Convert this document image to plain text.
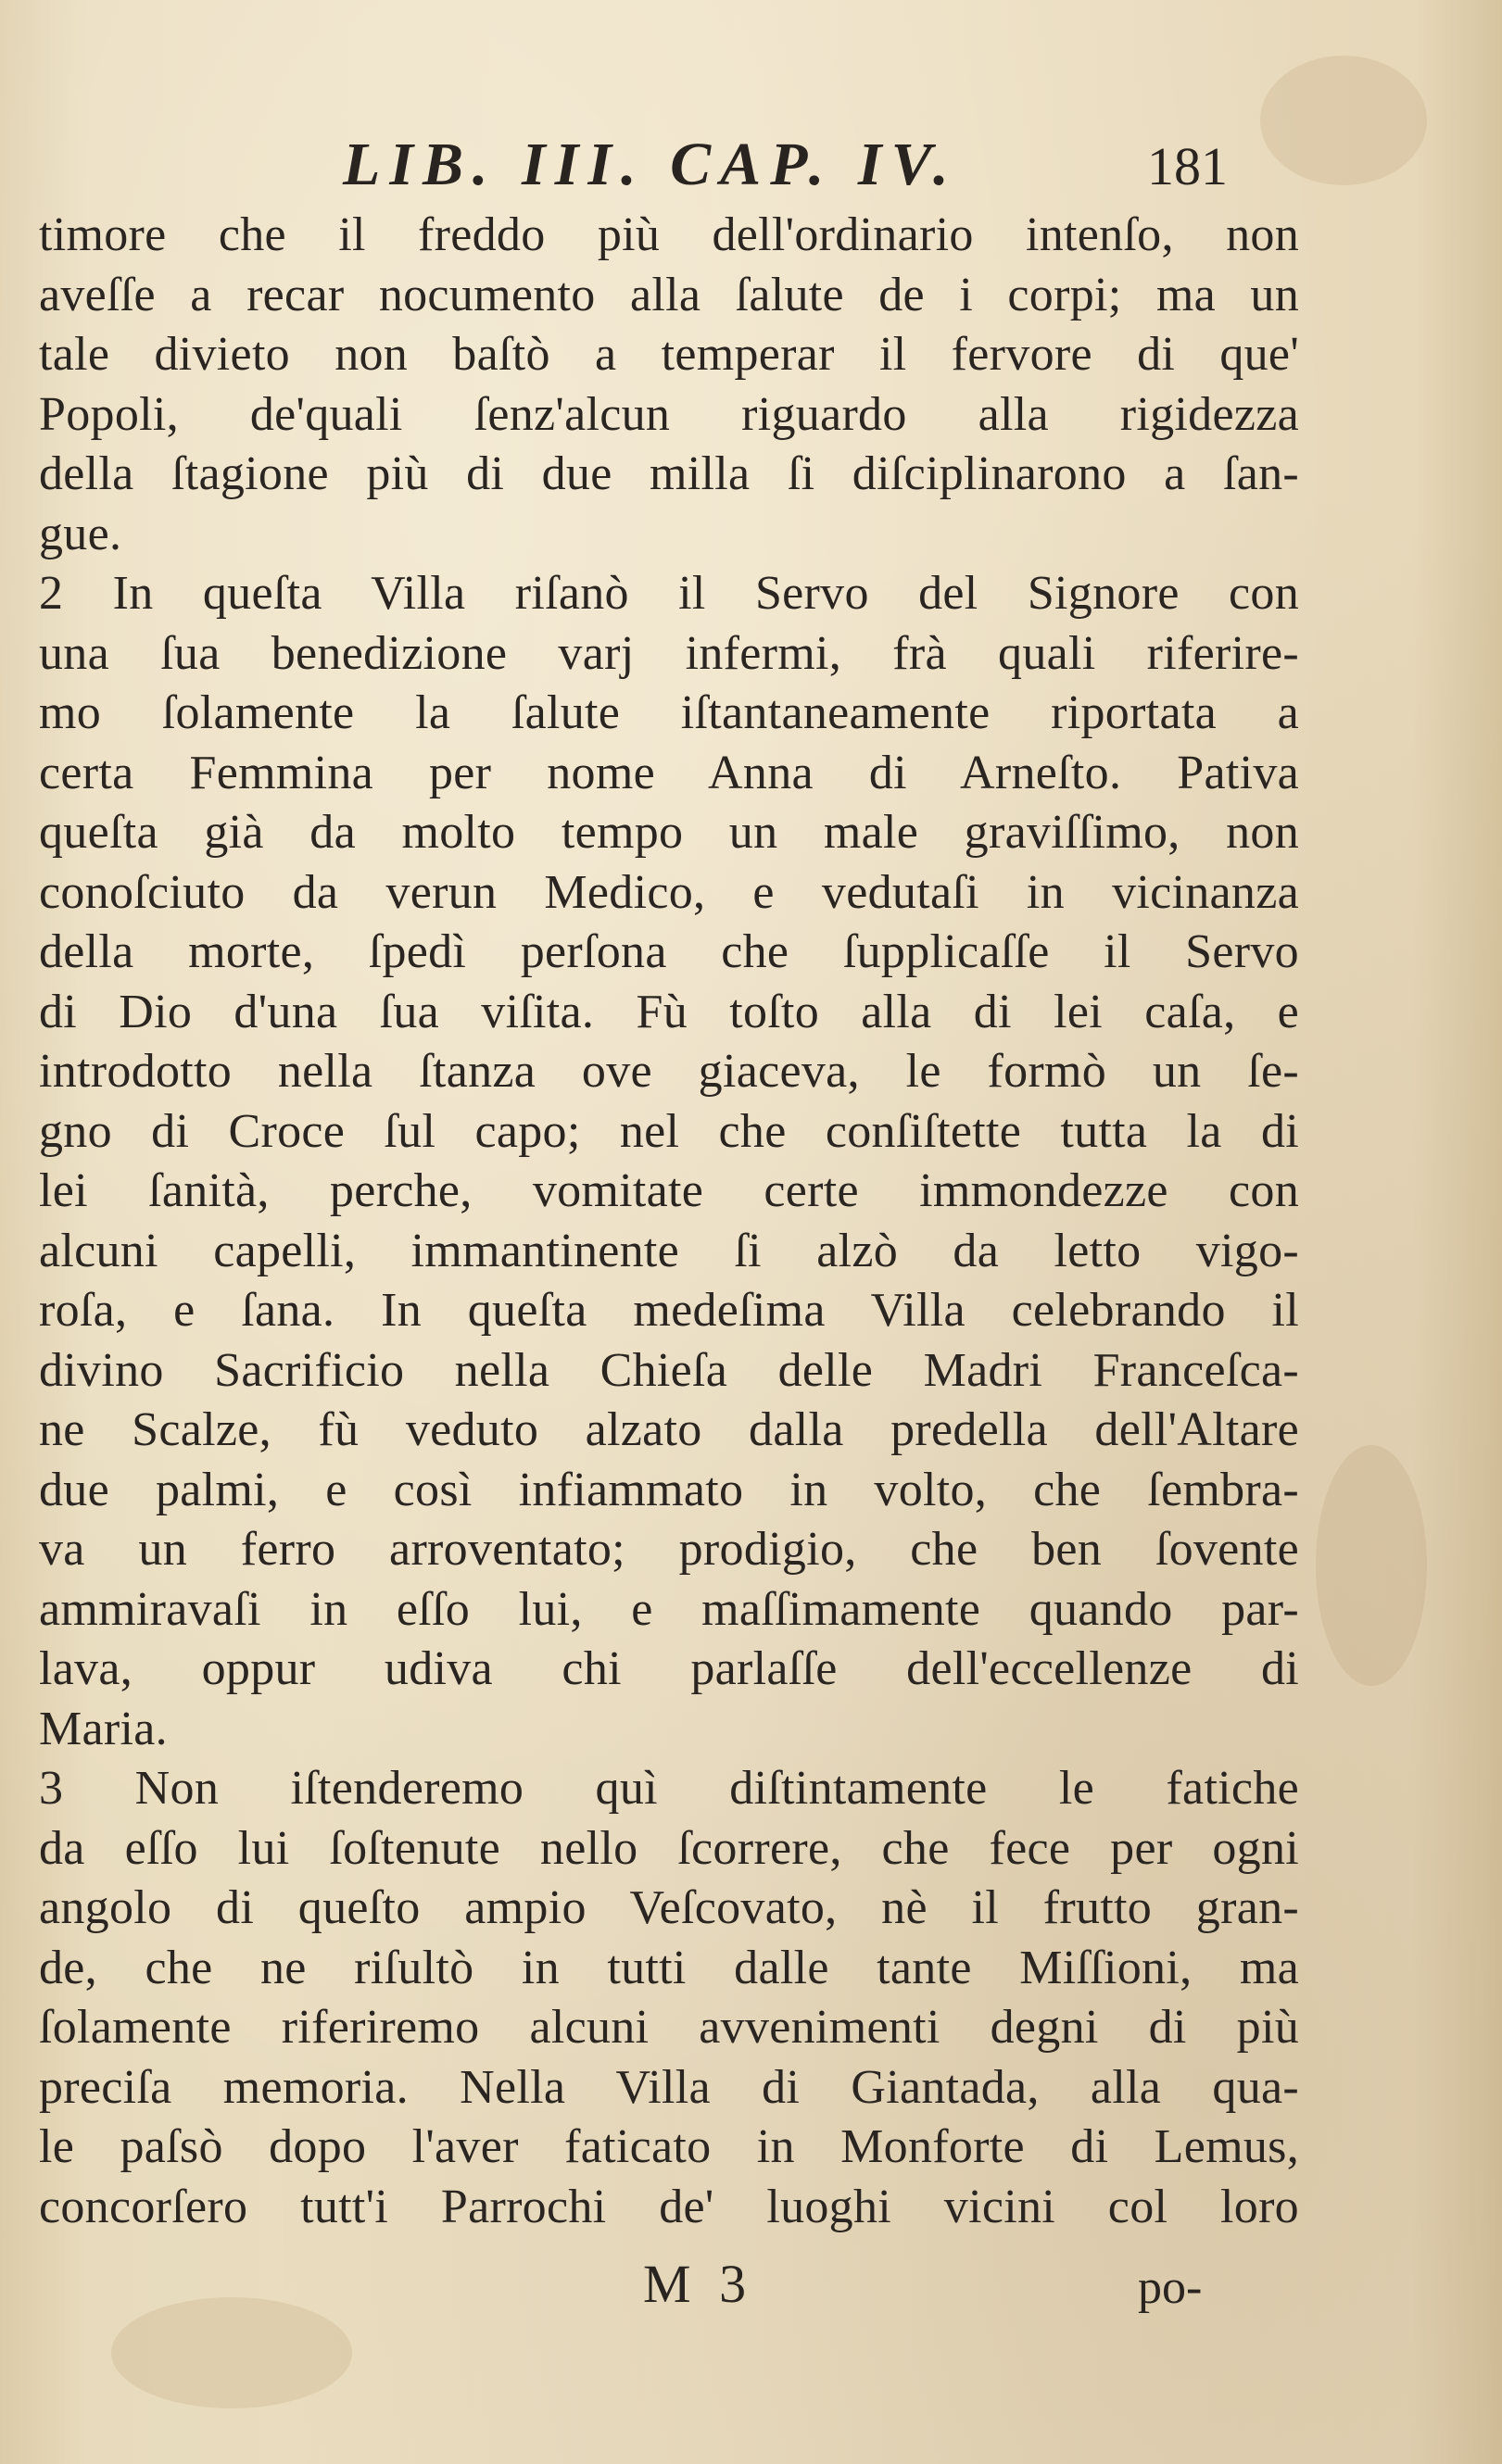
LIB. III. CAP. IV.	181
timore che il freddo più dell'ordinario intenſo, non
aveſſe a recar nocumento alla ſalute de i corpi; ma un
tale divieto non baſtò a temperar il fervore di que'
Popoli, de'quali ſenz'alcun riguardo alla rigidezza
della ſtagione più di due milla ſi diſciplinarono a ſan-
gue.
2 In queſta Villa riſanò il Servo del Signore con
una ſua benedizione varj infermi, frà quali riferire-
mo ſolamente la ſalute iſtantaneamente riportata a
certa Femmina per nome Anna di Arneſto. Pativa
queſta già da molto tempo un male graviſſimo, non
conoſciuto da verun Medico, e vedutaſi in vicinanza
della morte, ſpedì perſona che ſupplicaſſe il Servo
di Dio d'una ſua viſita. Fù toſto alla di lei caſa, e
introdotto nella ſtanza ove giaceva, le formò un ſe-
gno di Croce ſul capo; nel che conſiſtette tutta la di
lei ſanità, perche, vomitate certe immondezze con
alcuni capelli, immantinente ſi alzò da letto vigo-
roſa, e ſana. In queſta medeſima Villa celebrando il
divino Sacrificio nella Chieſa delle Madri Franceſca-
ne Scalze, fù veduto alzato dalla predella dell'Altare
due palmi, e così infiammato in volto, che ſembra-
va un ferro arroventato; prodigio, che ben ſovente
ammiravaſi in eſſo lui, e maſſimamente quando par-
lava, oppur udiva chi parlaſſe dell'eccellenze di
Maria.
3 Non iſtenderemo quì diſtintamente le fatiche
da eſſo lui ſoſtenute nello ſcorrere, che fece per ogni
angolo di queſto ampio Veſcovato, nè il frutto gran-
de, che ne riſultò in tutti dalle tante Miſſioni, ma
ſolamente riferiremo alcuni avvenimenti degni di più
preciſa memoria. Nella Villa di Giantada, alla qua-
le paſsò dopo l'aver faticato in Monforte di Lemus,
concorſero tutt'i Parrochi de' luoghi vicini col loro
M 3	po-
